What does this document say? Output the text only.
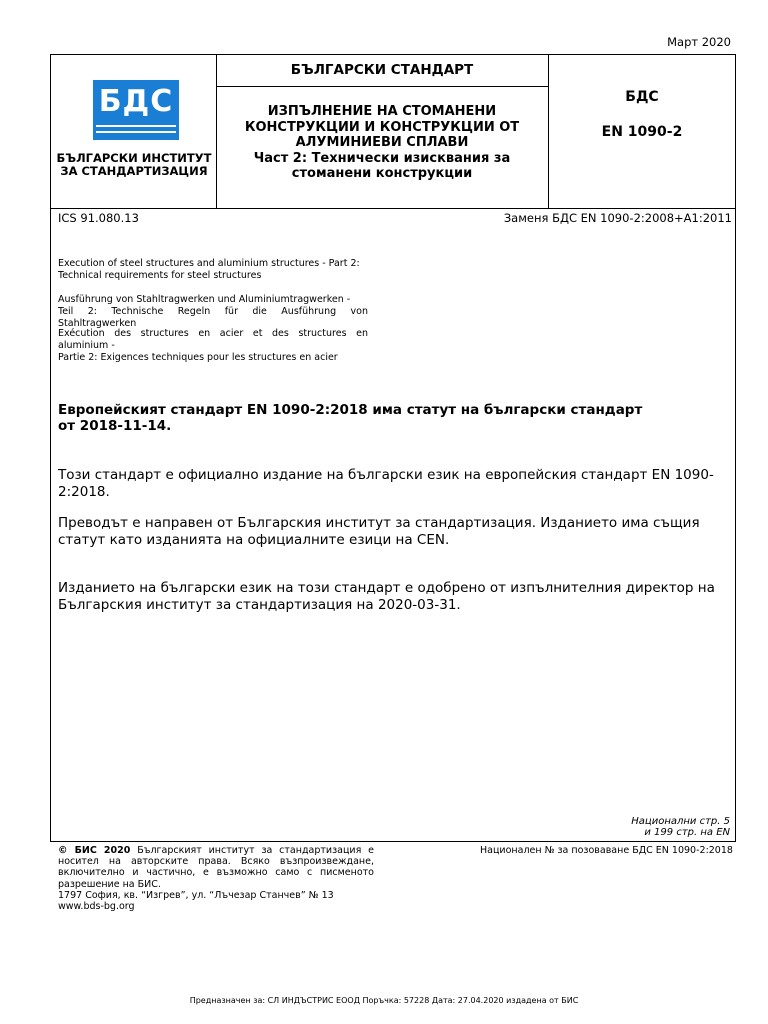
Март 2020
БДС
БЪЛГАРСКИ ИНСТИТУТ
ЗА СТАНДАРТИЗАЦИЯ
БЪЛГАРСКИ СТАНДАРТ
ИЗПЪЛНЕНИЕ НА СТОМАНЕНИ
КОНСТРУКЦИИ И КОНСТРУКЦИИ ОТ
АЛУМИНИЕВИ СПЛАВИ
Част 2: Технически изисквания за
стоманени конструкции
БДС
EN 1090-2
ICS 91.080.13	Заменя БДС EN 1090-2:2008+A1:2011
Execution of steel structures and aluminium structures - Part 2:
Technical requirements for steel structures
Ausführung von Stahltragwerken und Aluminiumtragwerken -
Teil 2: Technische Regeln für die Ausführung von Stahltragwerken
Exécution des structures en acier et des structures en aluminium -
Partie 2: Exigences techniques pour les structures en acier
Европейският стандарт EN 1090-2:2018 има статут на български стандарт
от 2018-11-14.
Този стандарт е официално издание на български език на европейския стандарт EN 1090-2:2018.
Преводът е направен от Българския институт за стандартизация. Изданието има същия статут като изданията на официалните езици на CEN.
Изданието на български език на този стандарт е одобрено от изпълнителния директор на Българския институт за стандартизация на 2020-03-31.
Национални стр. 5
и 199 стр. на EN
© БИС 2020 Българският институт за стандартизация е носител на авторските права. Всяко възпроизвеждане, включително и частично, е възможно само с писменото разрешение на БИС.
1797 София, кв. “Изгрев”, ул. “Лъчезар Станчев” № 13
www.bds-bg.org
Национален № за позоваване БДС EN 1090-2:2018
Предназначен за: СЛ ИНДЪСТРИС ЕООД Поръчка: 57228 Дата: 27.04.2020 издадена от БИС
